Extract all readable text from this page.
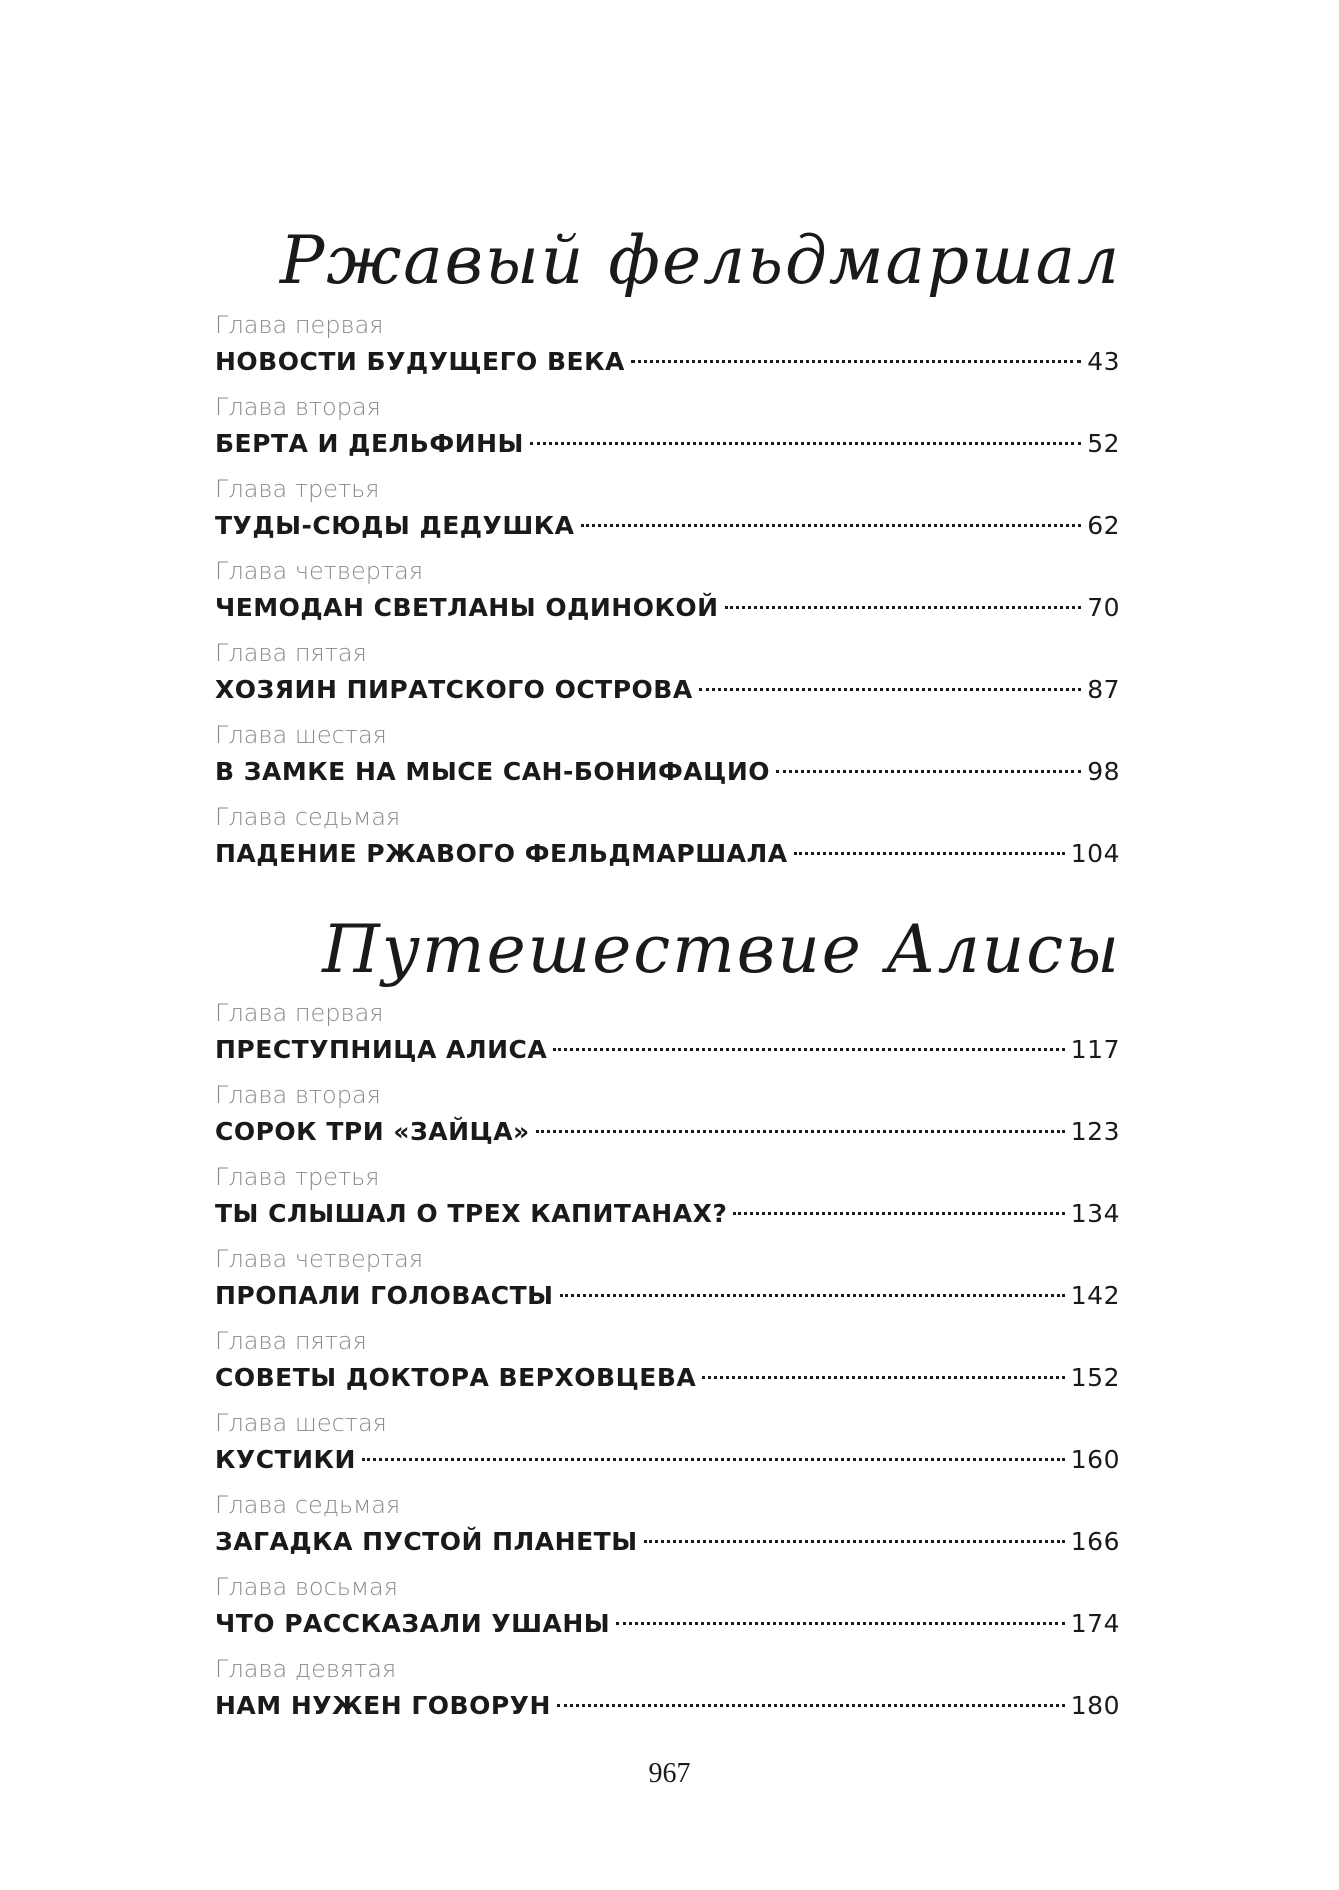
Ржавый фельдмаршал
Глава первая
НОВОСТИ БУДУЩЕГО ВЕКА	43
Глава вторая
БЕРТА И ДЕЛЬФИНЫ	52
Глава третья
ТУДЫ-СЮДЫ ДЕДУШКА	62
Глава четвертая
ЧЕМОДАН СВЕТЛАНЫ ОДИНОКОЙ	70
Глава пятая
ХОЗЯИН ПИРАТСКОГО ОСТРОВА	87
Глава шестая
В ЗАМКЕ НА МЫСЕ САН-БОНИФАЦИО	98
Глава седьмая
ПАДЕНИЕ РЖАВОГО ФЕЛЬДМАРШАЛА	104
Путешествие Алисы
Глава первая
ПРЕСТУПНИЦА АЛИСА	117
Глава вторая
СОРОК ТРИ «ЗАЙЦА»	123
Глава третья
ТЫ СЛЫШАЛ О ТРЕХ КАПИТАНАХ?	134
Глава четвертая
ПРОПАЛИ ГОЛОВАСТЫ	142
Глава пятая
СОВЕТЫ ДОКТОРА ВЕРХОВЦЕВА	152
Глава шестая
КУСТИКИ	160
Глава седьмая
ЗАГАДКА ПУСТОЙ ПЛАНЕТЫ	166
Глава восьмая
ЧТО РАССКАЗАЛИ УШАНЫ	174
Глава девятая
НАМ НУЖЕН ГОВОРУН	180
967
